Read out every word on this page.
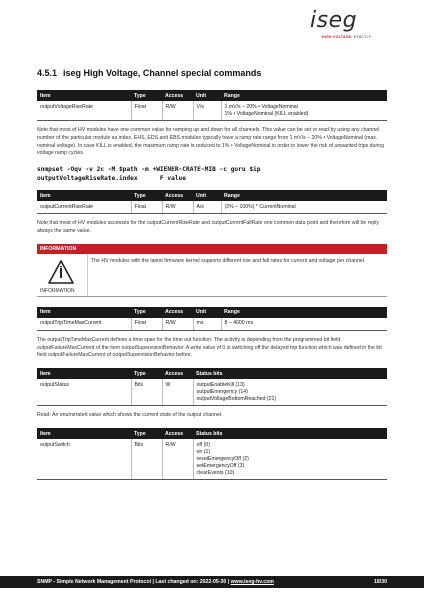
iseg
HIGH VOLTAGE. EXACTLY.
4.5.1 iseg High Voltage, Channel special commands
Item	Type	Access	Unit	Range
outputVoltageRiseRate	Float	R/W	V/s	1 mV/s – 20% • VoltageNominal
1% • VoltageNominal (KILL enabled)

Note that most of HV modules have one common value for ramping up and down for all channels. This value can be set or read by using any channel number of the particular module as index. EHS, EDS and EBS modules typically have a ramp rate range from 1 mV/s – 20% • VoltageNominal (max. nominal voltage). In case KILL is enabled, the maximum ramp rate is reduced to 1% • VoltageNominal in order to lower the risk of unwanted trips during voltage ramp cycles.

snmpset -Oqv -v 2c -M $path -m +WIENER-CRATE-MIB -c guru $ip
outputVoltageRiseRate.index      F value
Item	Type	Access	Unit	Range
outputCurrentRiseRate	Float	R/W	A/s	(2% – 100%) * CurrentNominal

Note that most of HV modules accesses for the outputCurrentRiseRate and outputCurrentFallRate one common data point and therefore will be reply always the same value.

INFORMATION
INFORMATION
The HV modules with the latest firmware kernel supports different rise and fall rates for current and voltage per channel.
Item	Type	Access	Unit	Range
outputTripTimeMaxCurrent	Float	R/W	ms	8 – 4000 ms

The outputTripTimeMaxCurrent defines a time span for the time out function. The activity is depending from the programmed bit field outputFailureMaxCurrent of the item outputSupervisionBehavior. A write value of 0 is switching off the delayed trip function which was defined in the bit field outputFailureMaxCurrent of outputSupervisionBehavior before.

Item	Type	Access	Status bits
outputStatus	Bits	W	outputEnableKill (13)
outputEmergency (14)
outputVoltageBottomReached (21)

Read: An enumerated value which shows the current state of the output channel.

Item	Type	Access	Status bits
outputSwitch	Bits	R/W	off (0)
on (1)
resetEmergencyOff (2)
setEmergencyOff (3)
clearEvents (10)
SNMP - Simple Network Management Protocol | Last changed on: 2022-05-30 | www.iseg-hv.com	18/30
